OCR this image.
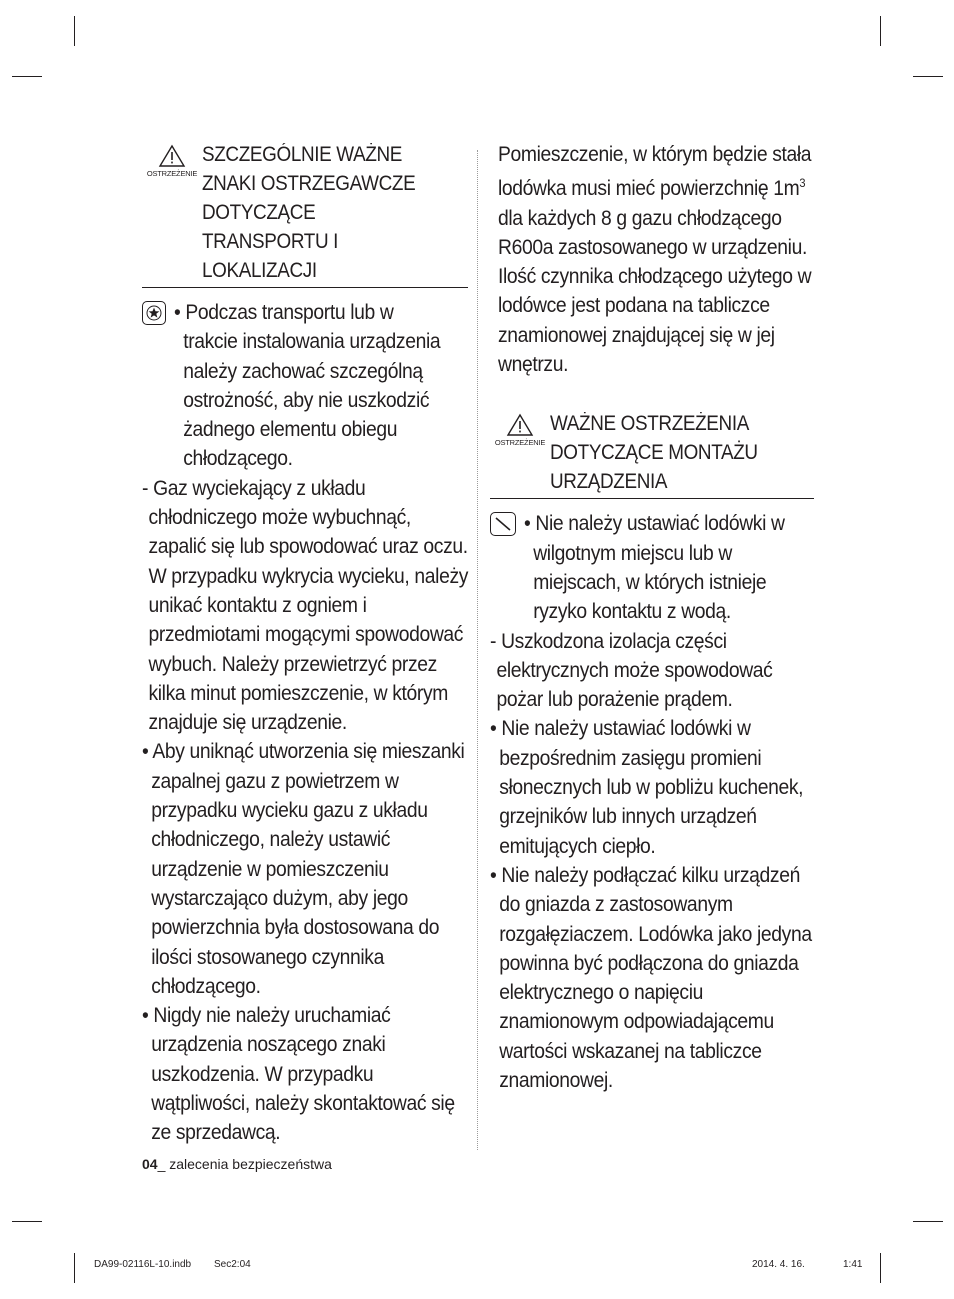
OSTRZEŻENIE
SZCZEGÓLNIE WAŻNE ZNAKI OSTRZEGAWCZE DOTYCZĄCE TRANSPORTU I LOKALIZACJI
• Podczas transportu lub w trakcie instalowania urządzenia należy zachować szczególną ostrożność, aby nie uszkodzić żadnego elementu obiegu chłodzącego.
- Gaz wyciekający z układu chłodniczego może wybuchnąć, zapalić się lub spowodować uraz oczu. W przypadku wykrycia wycieku, należy unikać kontaktu z ogniem i przedmiotami mogącymi spowodować wybuch. Należy przewietrzyć przez kilka minut pomieszczenie, w którym znajduje się urządzenie.
• Aby uniknąć utworzenia się mieszanki zapalnej gazu z powietrzem w przypadku wycieku gazu z układu chłodniczego, należy ustawić urządzenie w pomieszczeniu wystarczająco dużym, aby jego powierzchnia była dostosowana do ilości stosowanego czynnika chłodzącego.
• Nigdy nie należy uruchamiać urządzenia noszącego znaki uszkodzenia. W przypadku wątpliwości, należy skontaktować się ze sprzedawcą.
Pomieszczenie, w którym będzie stała lodówka musi mieć powierzchnię $1m^3$ dla każdych 8 g gazu chłodzącego R600a zastosowanego w urządzeniu. Ilość czynnika chłodzącego użytego w lodówce jest podana na tabliczce znamionowej znajdującej się w jej wnętrzu.
OSTRZEŻENIE
WAŻNE OSTRZEŻENIA DOTYCZĄCE MONTAŻU URZĄDZENIA
• Nie należy ustawiać lodówki w wilgotnym miejscu lub w miejscach, w których istnieje ryzyko kontaktu z wodą.
- Uszkodzona izolacja części elektrycznych może spowodować pożar lub porażenie prądem.
• Nie należy ustawiać lodówki w bezpośrednim zasięgu promieni słonecznych lub w pobliżu kuchenek, grzejników lub innych urządzeń emitujących ciepło.
• Nie należy podłączać kilku urządzeń do gniazda z zastosowanym rozgałęziaczem. Lodówka jako jedyna powinna być podłączona do gniazda elektrycznego o napięciu znamionowym odpowiadającemu wartości wskazanej na tabliczce znamionowej.
04_ zalecenia bezpieczeństwa
DA99-02116L-10.indb Sec2:04	2014. 4. 16.	1:41
